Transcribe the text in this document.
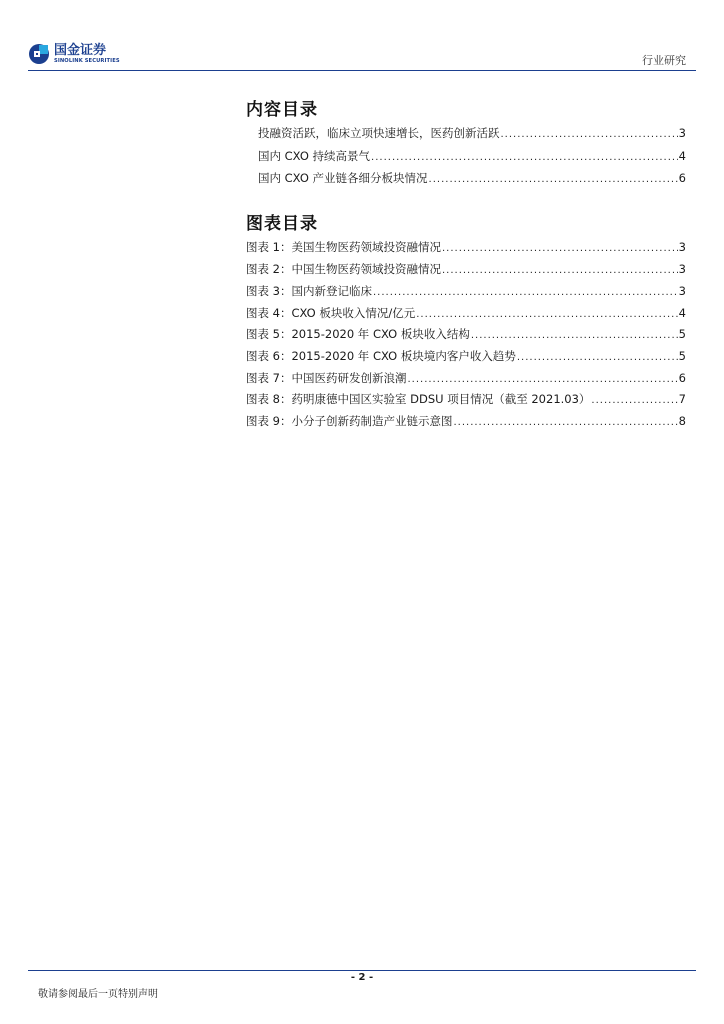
国金证券
SINOLINK SECURITIES	行业研究
内容目录
投融资活跃，临床立项快速增长，医药创新活跃 .....	3
国内 CXO 持续高景气 .....	4
国内 CXO 产业链各细分板块情况 .....	6
图表目录
图表 1：美国生物医药领域投资融情况 .....	3
图表 2：中国生物医药领域投资融情况 .....	3
图表 3：国内新登记临床 .....	3
图表 4：CXO 板块收入情况/亿元 .....	4
图表 5：2015-2020 年 CXO 板块收入结构 .....	5
图表 6：2015-2020 年 CXO 板块境内客户收入趋势 .....	5
图表 7：中国医药研发创新浪潮 .....	6
图表 8：药明康德中国区实验室 DDSU 项目情况（截至 2021.03） .....	7
图表 9：小分子创新药制造产业链示意图 .....	8
- 2 -
敬请参阅最后一页特别声明
